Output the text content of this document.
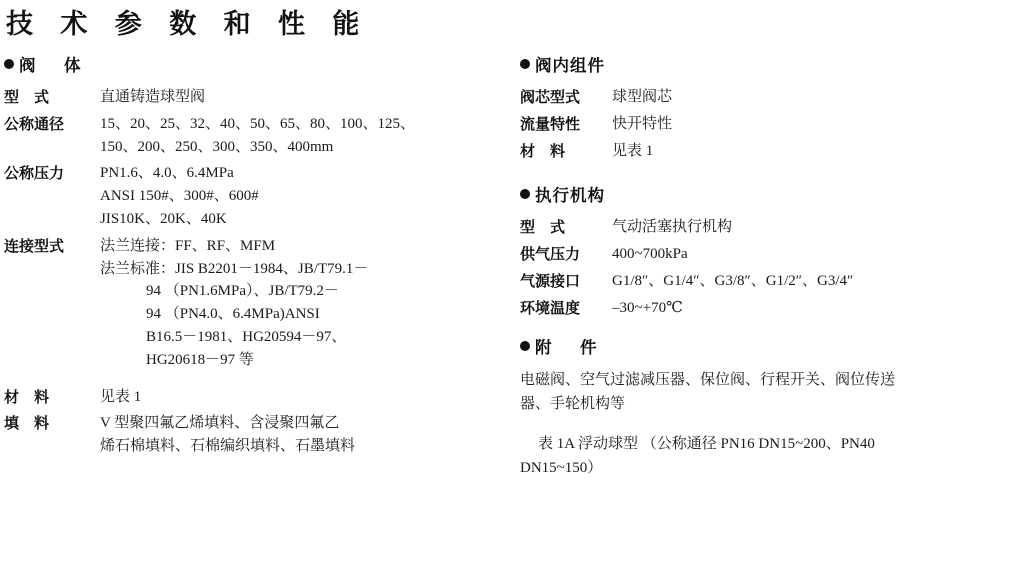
技 术 参 数 和 性 能
阀　体
型　式	直通铸造球型阀
公称通径	15、20、25、32、40、50、65、80、100、125、
150、200、250、300、350、400mm
公称压力	PN1.6、4.0、6.4MPa
ANSI 150#、300#、600#
JIS10K、20K、40K
连接型式	法兰连接：FF、RF、MFM
法兰标准：JIS B2201－1984、JB/T79.1－
94 （PN1.6MPa）、JB/T79.2－
94 （PN4.0、6.4MPa)ANSI
B16.5－1981、HG20594－97、
HG20618－97 等
材　料	见表 1
填　料	V 型聚四氟乙烯填料、含浸聚四氟乙
烯石棉填料、石棉编织填料、石墨填料
阀内组件
阀芯型式	球型阀芯
流量特性	快开特性
材　料	见表 1
执行机构
型　式	气动活塞执行机构
供气压力	400~700kPa
气源接口	G1/8″、G1/4″、G3/8″、G1/2″、G3/4″
环境温度	–30~+70℃
附　件
电磁阀、空气过滤减压器、保位阀、行程开关、阀位传送器、手轮机构等
表 1A 浮动球型 （公称通径 PN16 DN15~200、PN40 DN15~150）
